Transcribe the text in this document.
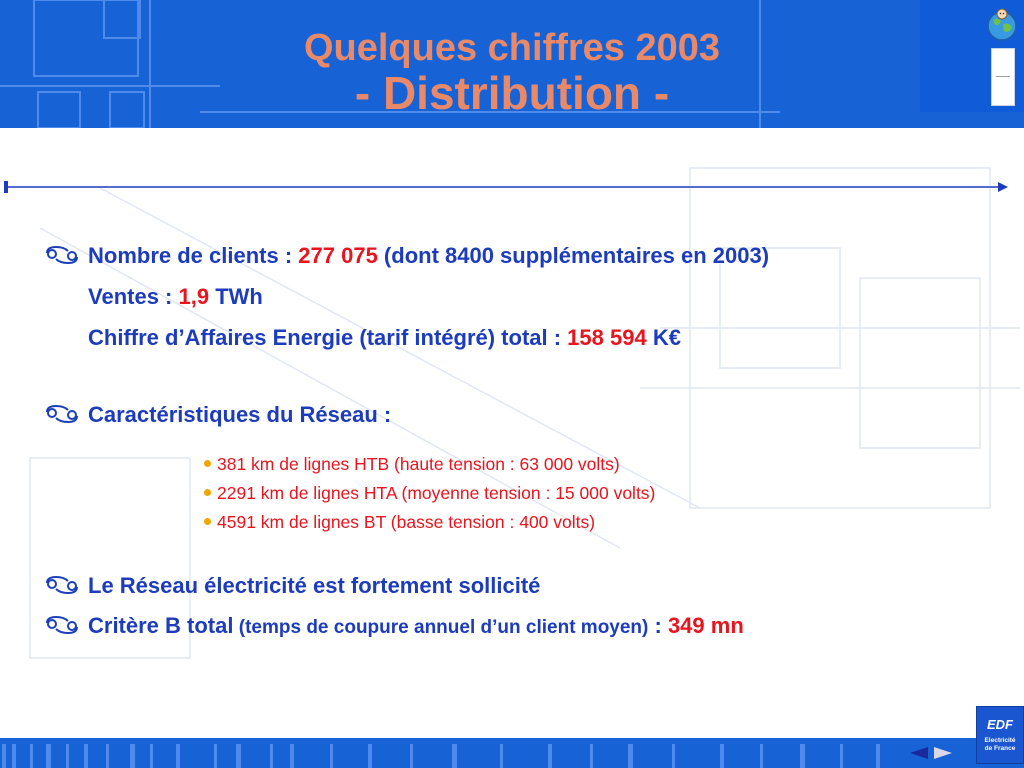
Quelques chiffres 2003
- Distribution -
Nombre de clients : 277 075 (dont 8400 supplémentaires en 2003)
Ventes : 1,9 TWh
Chiffre d’Affaires Energie (tarif intégré) total : 158 594 K€
Caractéristiques du Réseau :
381 km de lignes HTB (haute tension : 63 000 volts)
2291 km de lignes HTA (moyenne tension : 15 000 volts)
4591 km de lignes BT (basse tension : 400 volts)
Le Réseau électricité est fortement sollicité
Critère B total (temps de coupure annuel d’un client moyen) : 349 mn
EDF
Electricité
de France
